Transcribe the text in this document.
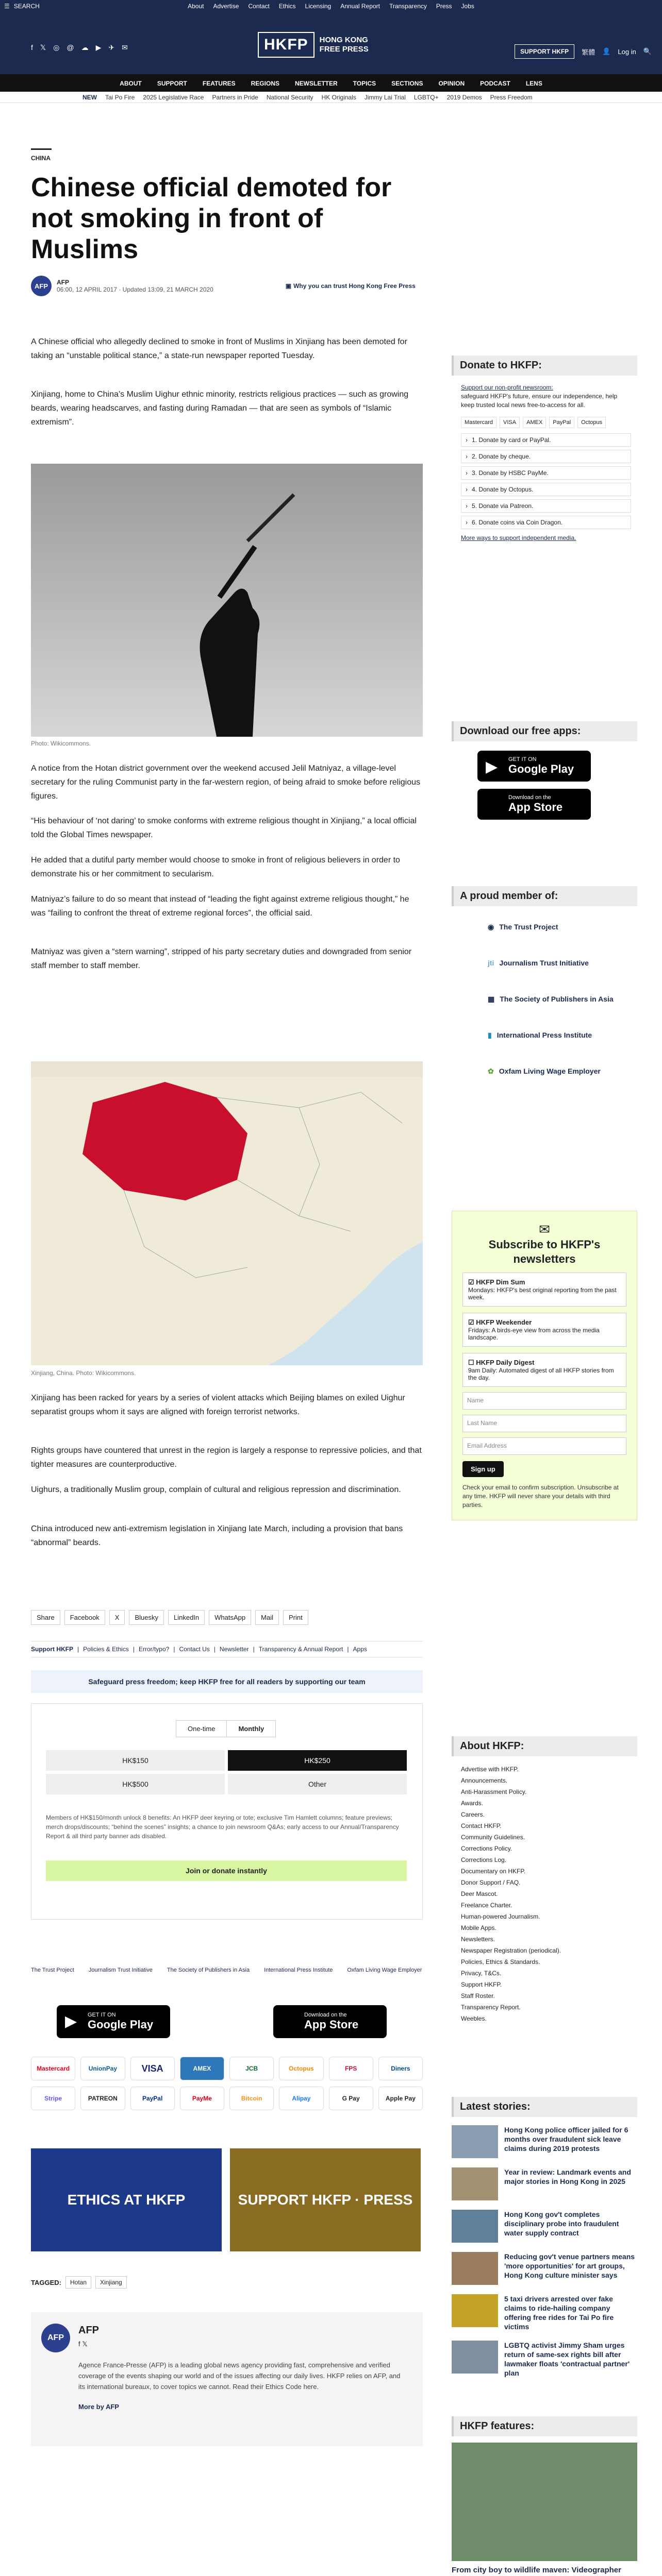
☰ SEARCH	About Advertise Contact Ethics Licensing Annual Report Transparency Press Jobs
f 𝕏 ◎ @ ☁ ▶ ✈ ✉	HKFP	HONG KONG
FREE PRESS	SUPPORT HKFP	繁體 👤 Log in 🔍
ABOUT	SUPPORT	FEATURES	REGIONS	NEWSLETTER	TOPICS	SECTIONS	OPINION	PODCAST	LENS
NEW Tai Po Fire 2025 Legislative Race Partners in Pride National Security HK Originals Jimmy Lai Trial LGBTQ+ 2019 Demos Press Freedom
CHINA
Chinese official demoted for not smoking in front of Muslims
AFP	AFP
06:00, 12 APRIL 2017 · Updated 13:09, 21 MARCH 2020	▣ Why you can trust Hong Kong Free Press

A Chinese official who allegedly declined to smoke in front of Muslims in Xinjiang has been demoted for taking an “unstable political stance,” a state-run newspaper reported Tuesday.

Xinjiang, home to China’s Muslim Uighur ethnic minority, restricts religious practices — such as growing beards, wearing headscarves, and fasting during Ramadan — that are seen as symbols of “Islamic extremism”.

Photo: Wikicommons.

A notice from the Hotan district government over the weekend accused Jelil Matniyaz, a village-level secretary for the ruling Communist party in the far-western region, of being afraid to smoke before religious figures.

“His behaviour of ‘not daring’ to smoke conforms with extreme religious thought in Xinjiang,” a local official told the Global Times newspaper.

He added that a dutiful party member would choose to smoke in front of religious believers in order to demonstrate his or her commitment to secularism.

Matniyaz’s failure to do so meant that instead of “leading the fight against extreme religious thought,” he was “failing to confront the threat of extreme regional forces”, the official said.

Matniyaz was given a “stern warning”, stripped of his party secretary duties and downgraded from senior staff member to staff member.

Xinjiang, China. Photo: Wikicommons.

Xinjiang has been racked for years by a series of violent attacks which Beijing blames on exiled Uighur separatist groups whom it says are aligned with foreign terrorist networks.

Rights groups have countered that unrest in the region is largely a response to repressive policies, and that tighter measures are counterproductive.

Uighurs, a traditionally Muslim group, complain of cultural and religious repression and discrimination.

China introduced new anti-extremism legislation in Xinjiang late March, including a provision that bans “abnormal” beards.

Share	Facebook	X	Bluesky	LinkedIn	WhatsApp	Mail	Print
Support HKFP | Policies & Ethics | Error/typo? | Contact Us | Newsletter | Transparency & Annual Report | Apps
Safeguard press freedom; keep HKFP free for all readers by supporting our team
One-time	Monthly
HK$150	HK$250
HK$500	Other
Members of HK$150/month unlock 8 benefits: An HKFP deer keyring or tote; exclusive Tim Hamlett columns; feature previews; merch drops/discounts; “behind the scenes” insights; a chance to join newsroom Q&As; early access to our Annual/Transparency Report & all third party banner ads disabled.
Join or donate instantly
The Trust Project	Journalism Trust Initiative	The Society of Publishers in Asia	International Press Institute	Oxfam Living Wage Employer
▶ GET IT ON
Google Play
Download on the
App Store
Mastercard	UnionPay	VISA	AMEX	JCB	Octopus	FPS	Diners
Stripe	PATREON	PayPal	PayMe	Bitcoin	Alipay	G Pay	Apple Pay
ETHICS AT HKFP	SUPPORT HKFP · PRESS
TAGGED:	Hotan	Xinjiang
AFP
AFP
f 𝕏
Agence France-Presse (AFP) is a leading global news agency providing fast, comprehensive and verified coverage of the events shaping our world and of the issues affecting our daily lives. HKFP relies on AFP, and its international bureaux, to cover topics we cannot. Read their Ethics Code here.
More by AFP
Donate to HKFP:
Support our non-profit newsroom:
safeguard HKFP's future, ensure our independence, help keep trusted local news free-to-access for all.
Mastercard	VISA	AMEX	PayPal	Octopus
› 1. Donate by card or PayPal.
› 2. Donate by cheque.
› 3. Donate by HSBC PayMe.
› 4. Donate by Octopus.
› 5. Donate via Patreon.
› 6. Donate coins via Coin Dragon.
More ways to support independent media.
Download our free apps:
▶ GET IT ON
Google Play
Download on the
App Store
A proud member of:
◉ The Trust Project
jti Journalism Trust Initiative
▦ The Society of Publishers in Asia
▮ International Press Institute
✿ Oxfam Living Wage Employer
✉
Subscribe to HKFP's newsletters
☑ HKFP Dim Sum
Mondays: HKFP's best original reporting from the past week.
☑ HKFP Weekender
Fridays: A birds-eye view from across the media landscape.
☐ HKFP Daily Digest
9am Daily: Automated digest of all HKFP stories from the day.
Name
Last Name
Email Address
Sign up
Check your email to confirm subscription. Unsubscribe at any time. HKFP will never share your details with third parties.
About HKFP:
Advertise with HKFP.
Announcements.
Anti-Harassment Policy.
Awards.
Careers.
Contact HKFP.
Community Guidelines.
Corrections Policy.
Corrections Log.
Documentary on HKFP.
Donor Support / FAQ.
Deer Mascot.
Freelance Charter.
Human-powered Journalism.
Mobile Apps.
Newsletters.
Newspaper Registration (periodical).
Policies, Ethics & Standards.
Privacy, T&Cs.
Support HKFP.
Staff Roster.
Transparency Report.
Weebles.
Latest stories:
Hong Kong police officer jailed for 6 months over fraudulent sick leave claims during 2019 protests
Year in review: Landmark events and major stories in Hong Kong in 2025
Hong Kong gov't completes disciplinary probe into fraudulent water supply contract
Reducing gov't venue partners means 'more opportunities' for art groups, Hong Kong culture minister says
5 taxi drivers arrested over fake claims to ride-hailing company offering free rides for Tai Po fire victims
LGBTQ activist Jimmy Sham urges return of same-sex rights bill after lawmaker floats 'contractual partner' plan
HKFP features:
From city boy to wildlife maven: Videographer
